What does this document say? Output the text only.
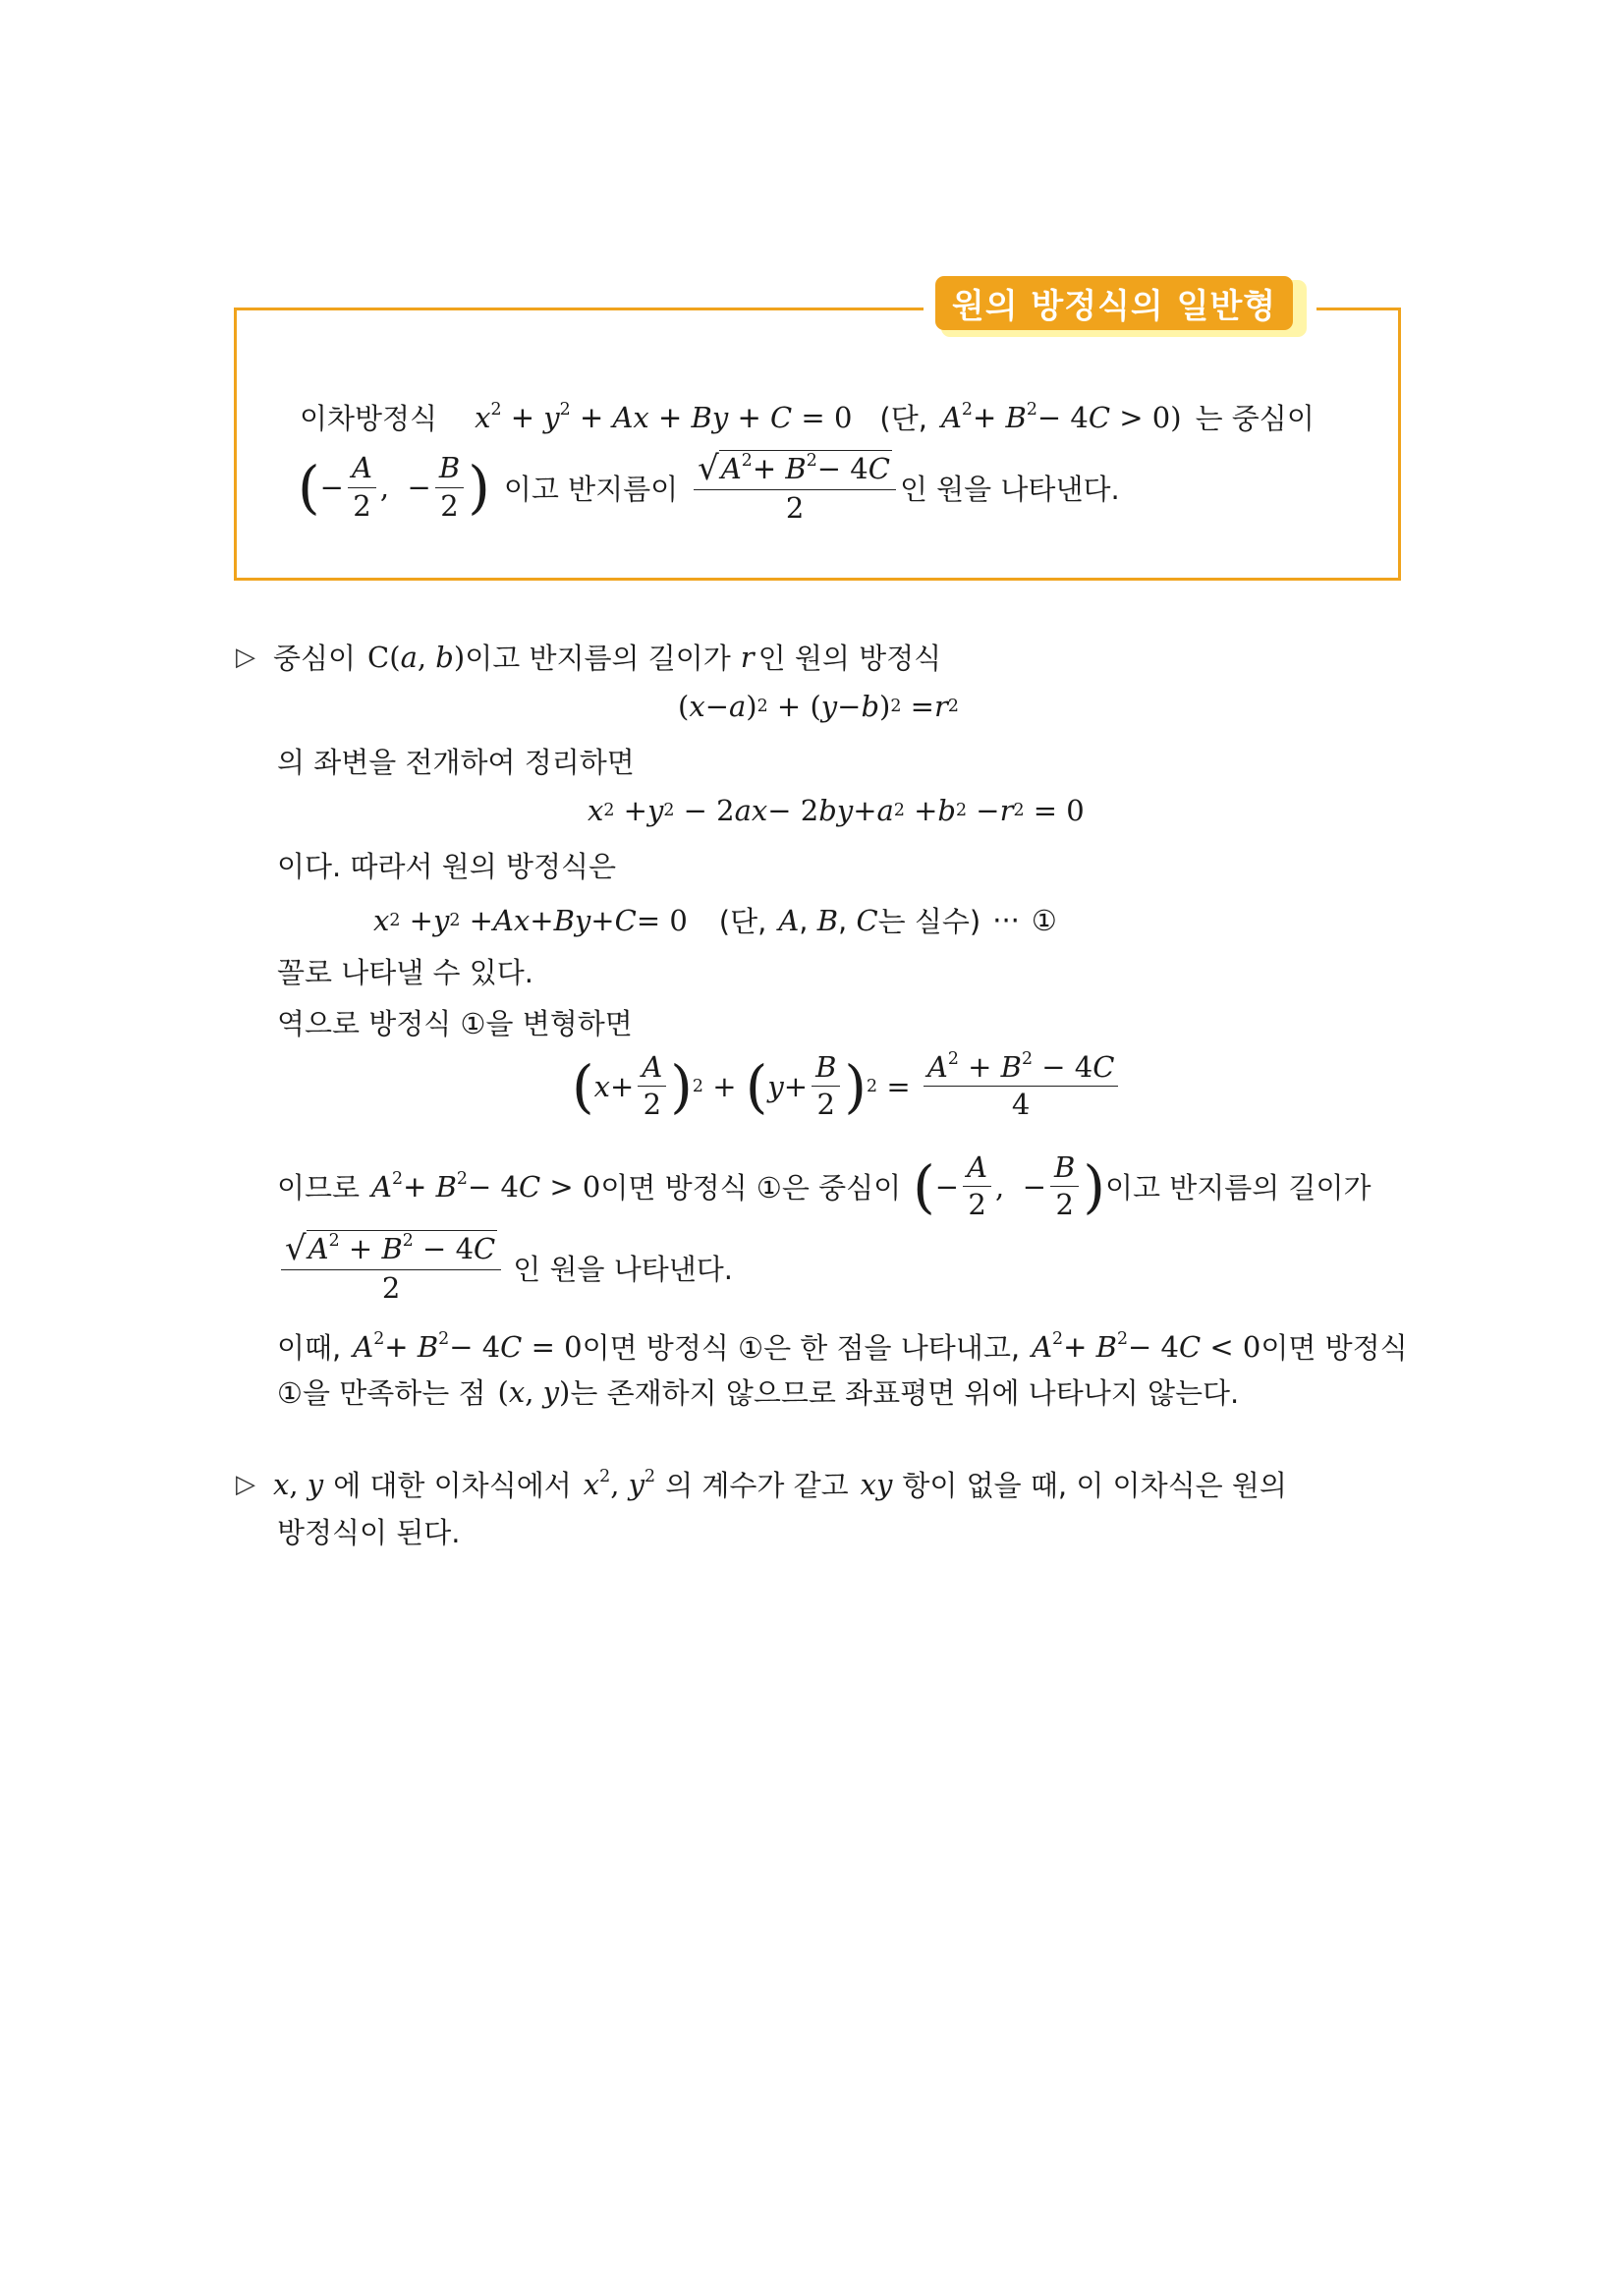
원의 방정식의 일반형
이차방정식 $x^2 + y^2 + Ax + By + C = 0$ (단, $A^2+ B^2- 4C > 0$) 는 중심이
( − $\frac{A}{2}$ ,  − $\frac{B}{2}$ ) 이고 반지름이 $\frac{√ A^2+ B^2- 4C}{2}$ 인 원을 나타낸다.
▷ 중심이 C(a, b) 이고 반지름의 길이가 r 인 원의 방정식
( x − a ) 2 + ( y − b ) 2 = r 2
의 좌변을 전개하여 정리하면
x 2 + y 2 − 2 ax − 2 by + a 2 + b 2 − r 2 = 0
이다. 따라서 원의 방정식은
x 2 + y 2 + Ax + By + C = 0 (단, A, B, C 는 실수) ··· ①
꼴로 나타낼 수 있다.
역으로 방정식 ①을 변형하면
( $x + \frac{A}{2}$ ) 2 + ( $y + \frac{B}{2}$ ) $2 = \frac{A^2 + B^2 - 4C}{4}$
이므로 $A^2+ B^2- 4C > 0$ 이면 방정식 ①은 중심이 ( − $\frac{A}{2}$ ,  − $\frac{B}{2}$ ) 이고 반지름의 길이가
$\frac{√ A^2 + B^2 - 4C}{2}$ 인 원을 나타낸다.
이때, $A^2+ B^2- 4C = 0$ 이면 방정식 ①은 한 점을 나타내고, $A^2+ B^2- 4C < 0$ 이면 방정식
①을 만족하는 점 (x, y) 는 존재하지 않으므로 좌표평면 위에 나타나지 않는다.
▷ x, y 에 대한 이차식에서 $x^2$, $y^2$ 의 계수가 같고 xy 항이 없을 때, 이 이차식은 원의
방정식이 된다.
